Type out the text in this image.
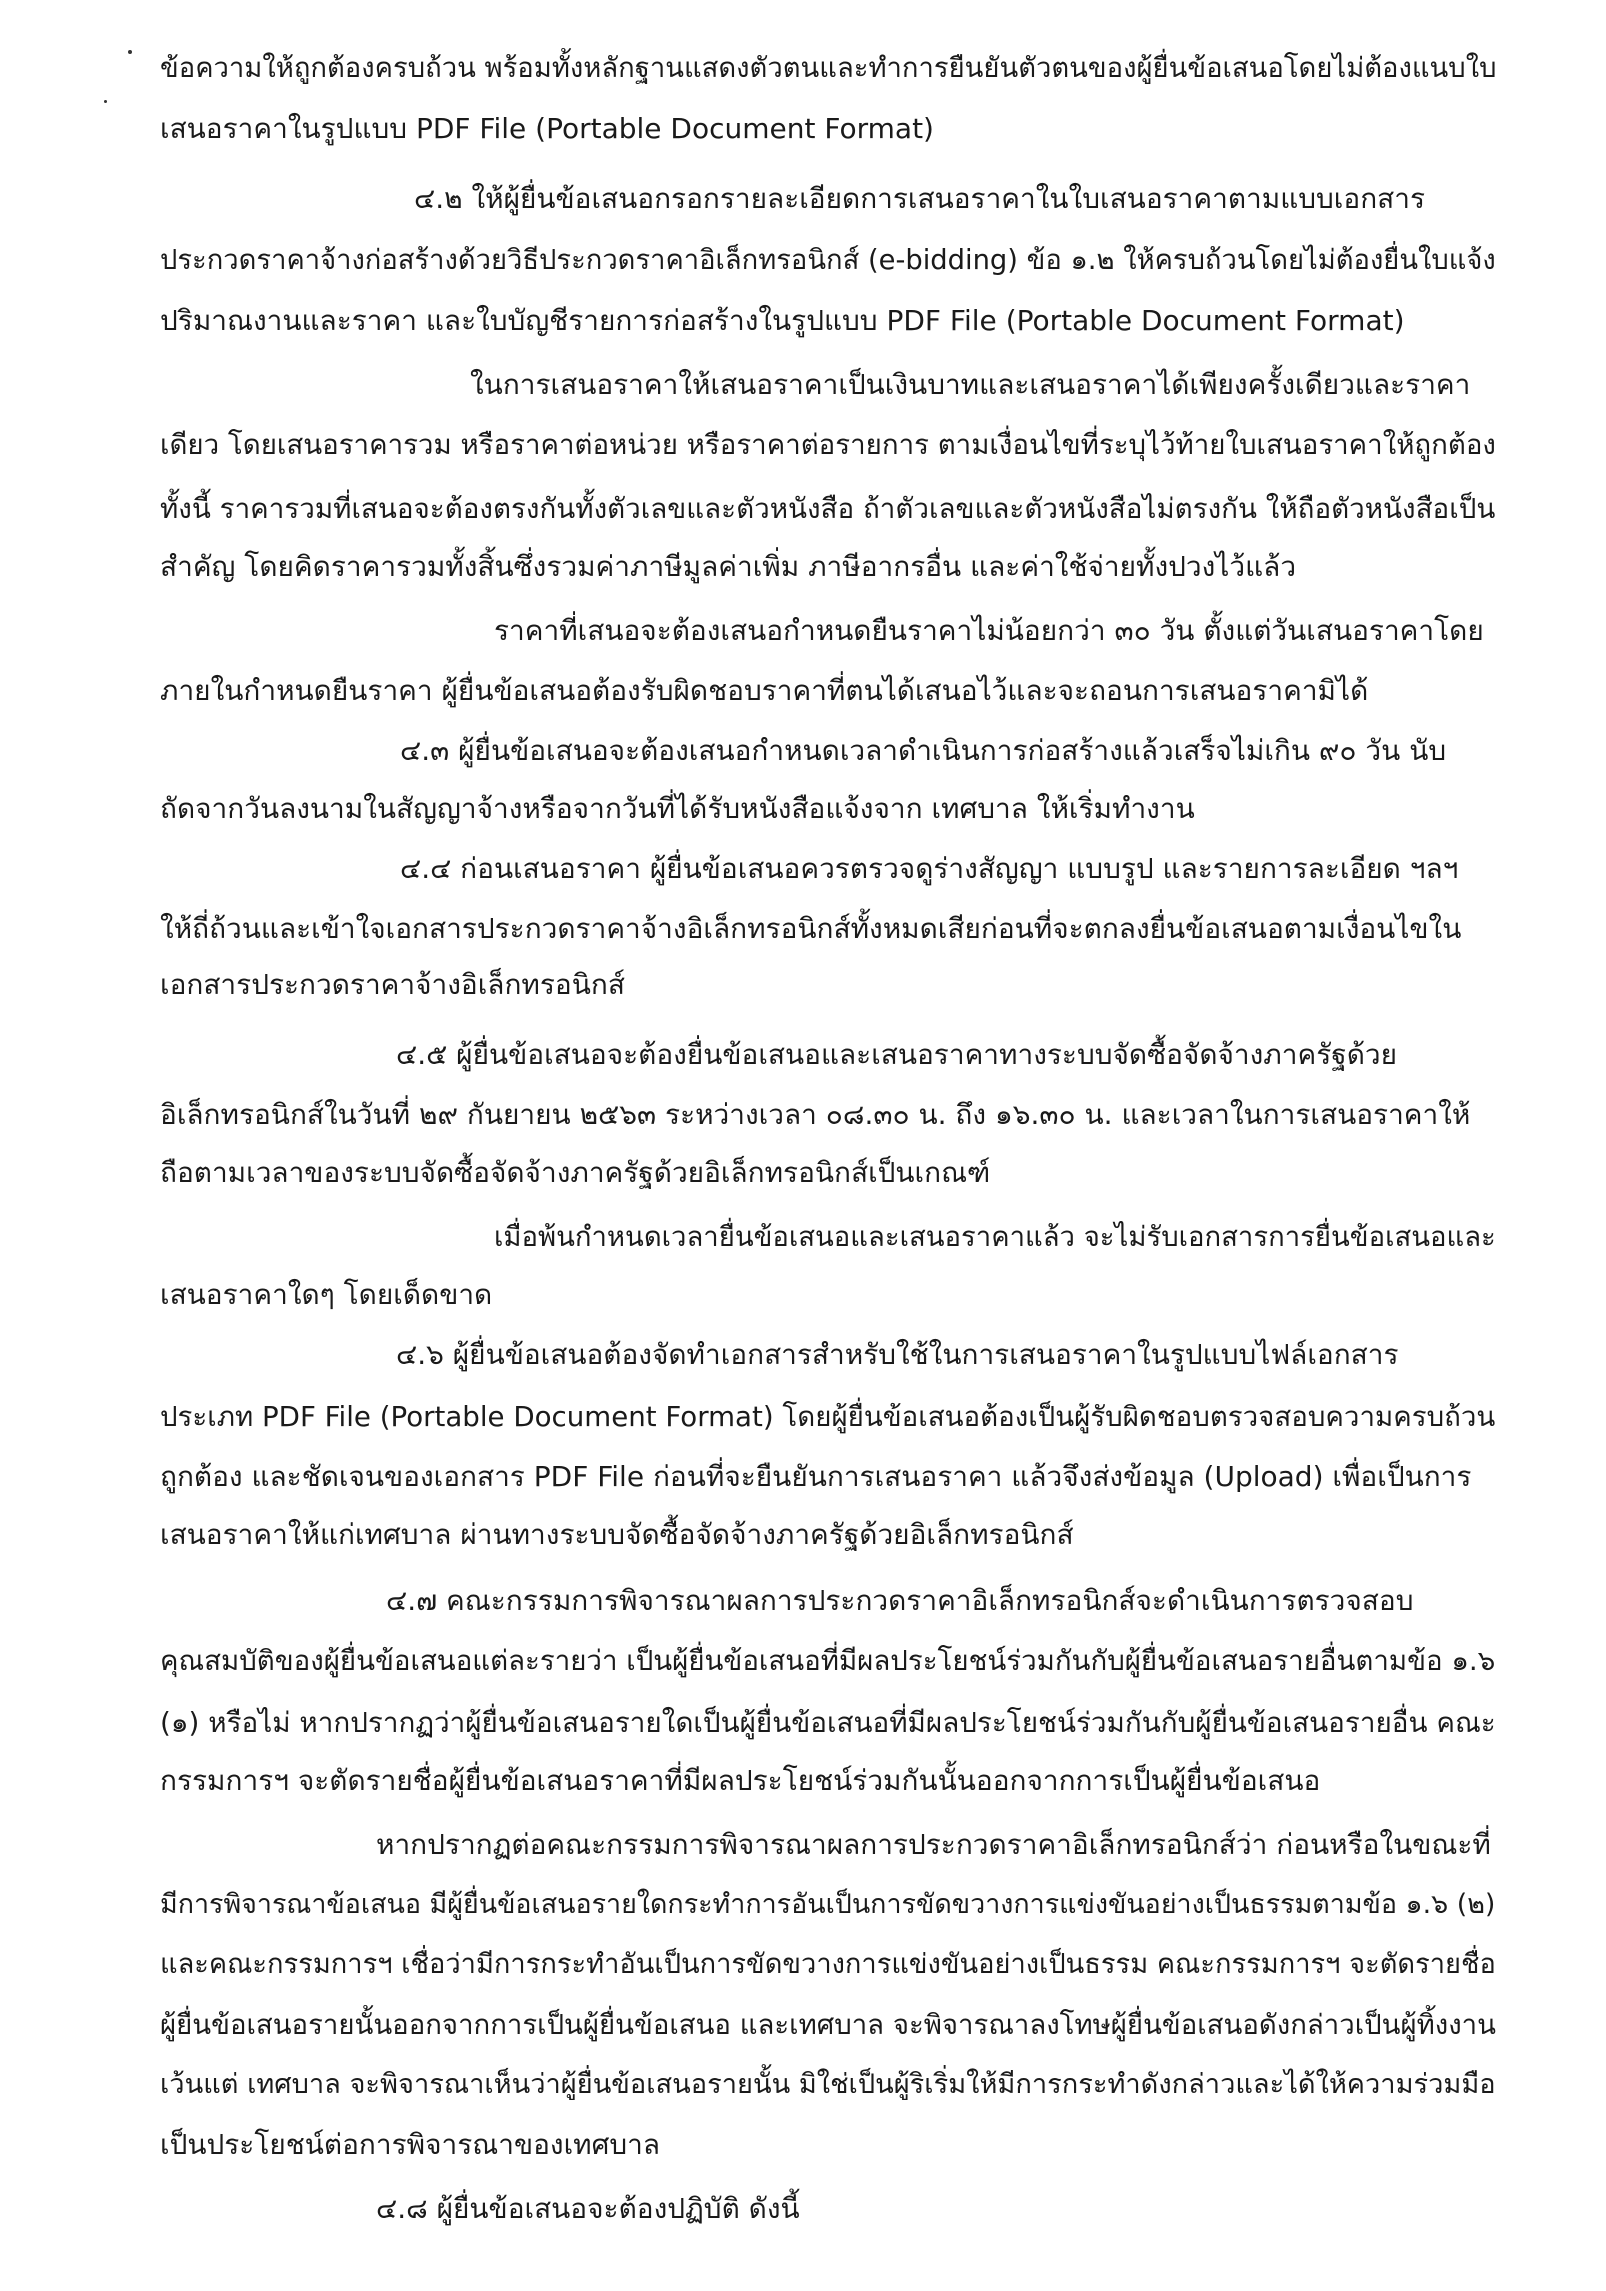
ข้อความให้ถูกต้องครบถ้วน พร้อมทั้งหลักฐานแสดงตัวตนและทำการยืนยันตัวตนของผู้ยื่นข้อเสนอโดยไม่ต้องแนบใบ
เสนอราคาในรูปแบบ PDF File (Portable Document Format)
๔.๒ ให้ผู้ยื่นข้อเสนอกรอกรายละเอียดการเสนอราคาในใบเสนอราคาตามแบบเอกสาร
ประกวดราคาจ้างก่อสร้างด้วยวิธีประกวดราคาอิเล็กทรอนิกส์ (e-bidding) ข้อ ๑.๒ ให้ครบถ้วนโดยไม่ต้องยื่นใบแจ้ง
ปริมาณงานและราคา และใบบัญชีรายการก่อสร้างในรูปแบบ PDF File (Portable Document Format)
ในการเสนอราคาให้เสนอราคาเป็นเงินบาทและเสนอราคาได้เพียงครั้งเดียวและราคา
เดียว โดยเสนอราคารวม หรือราคาต่อหน่วย หรือราคาต่อรายการ ตามเงื่อนไขที่ระบุไว้ท้ายใบเสนอราคาให้ถูกต้อง
ทั้งนี้ ราคารวมที่เสนอจะต้องตรงกันทั้งตัวเลขและตัวหนังสือ ถ้าตัวเลขและตัวหนังสือไม่ตรงกัน ให้ถือตัวหนังสือเป็น
สำคัญ โดยคิดราคารวมทั้งสิ้นซึ่งรวมค่าภาษีมูลค่าเพิ่ม ภาษีอากรอื่น และค่าใช้จ่ายทั้งปวงไว้แล้ว
ราคาที่เสนอจะต้องเสนอกำหนดยืนราคาไม่น้อยกว่า ๓๐ วัน ตั้งแต่วันเสนอราคาโดย
ภายในกำหนดยืนราคา ผู้ยื่นข้อเสนอต้องรับผิดชอบราคาที่ตนได้เสนอไว้และจะถอนการเสนอราคามิได้
๔.๓ ผู้ยื่นข้อเสนอจะต้องเสนอกำหนดเวลาดำเนินการก่อสร้างแล้วเสร็จไม่เกิน ๙๐ วัน นับ
ถัดจากวันลงนามในสัญญาจ้างหรือจากวันที่ได้รับหนังสือแจ้งจาก เทศบาล ให้เริ่มทำงาน
๔.๔ ก่อนเสนอราคา ผู้ยื่นข้อเสนอควรตรวจดูร่างสัญญา แบบรูป และรายการละเอียด ฯลฯ
ให้ถี่ถ้วนและเข้าใจเอกสารประกวดราคาจ้างอิเล็กทรอนิกส์ทั้งหมดเสียก่อนที่จะตกลงยื่นข้อเสนอตามเงื่อนไขใน
เอกสารประกวดราคาจ้างอิเล็กทรอนิกส์
๔.๕ ผู้ยื่นข้อเสนอจะต้องยื่นข้อเสนอและเสนอราคาทางระบบจัดซื้อจัดจ้างภาครัฐด้วย
อิเล็กทรอนิกส์ในวันที่ ๒๙ กันยายน ๒๕๖๓ ระหว่างเวลา ๐๘.๓๐ น. ถึง ๑๖.๓๐ น. และเวลาในการเสนอราคาให้
ถือตามเวลาของระบบจัดซื้อจัดจ้างภาครัฐด้วยอิเล็กทรอนิกส์เป็นเกณฑ์
เมื่อพ้นกำหนดเวลายื่นข้อเสนอและเสนอราคาแล้ว จะไม่รับเอกสารการยื่นข้อเสนอและ
เสนอราคาใดๆ โดยเด็ดขาด
๔.๖ ผู้ยื่นข้อเสนอต้องจัดทำเอกสารสำหรับใช้ในการเสนอราคาในรูปแบบไฟล์เอกสาร
ประเภท PDF File (Portable Document Format) โดยผู้ยื่นข้อเสนอต้องเป็นผู้รับผิดชอบตรวจสอบความครบถ้วน
ถูกต้อง และชัดเจนของเอกสาร PDF File ก่อนที่จะยืนยันการเสนอราคา แล้วจึงส่งข้อมูล (Upload) เพื่อเป็นการ
เสนอราคาให้แก่เทศบาล ผ่านทางระบบจัดซื้อจัดจ้างภาครัฐด้วยอิเล็กทรอนิกส์
๔.๗ คณะกรรมการพิจารณาผลการประกวดราคาอิเล็กทรอนิกส์จะดำเนินการตรวจสอบ
คุณสมบัติของผู้ยื่นข้อเสนอแต่ละรายว่า เป็นผู้ยื่นข้อเสนอที่มีผลประโยชน์ร่วมกันกับผู้ยื่นข้อเสนอรายอื่นตามข้อ ๑.๖
(๑) หรือไม่ หากปรากฏว่าผู้ยื่นข้อเสนอรายใดเป็นผู้ยื่นข้อเสนอที่มีผลประโยชน์ร่วมกันกับผู้ยื่นข้อเสนอรายอื่น คณะ
กรรมการฯ จะตัดรายชื่อผู้ยื่นข้อเสนอราคาที่มีผลประโยชน์ร่วมกันนั้นออกจากการเป็นผู้ยื่นข้อเสนอ
หากปรากฏต่อคณะกรรมการพิจารณาผลการประกวดราคาอิเล็กทรอนิกส์ว่า ก่อนหรือในขณะที่
มีการพิจารณาข้อเสนอ มีผู้ยื่นข้อเสนอรายใดกระทำการอันเป็นการขัดขวางการแข่งขันอย่างเป็นธรรมตามข้อ ๑.๖ (๒)
และคณะกรรมการฯ เชื่อว่ามีการกระทำอันเป็นการขัดขวางการแข่งขันอย่างเป็นธรรม คณะกรรมการฯ จะตัดรายชื่อ
ผู้ยื่นข้อเสนอรายนั้นออกจากการเป็นผู้ยื่นข้อเสนอ และเทศบาล จะพิจารณาลงโทษผู้ยื่นข้อเสนอดังกล่าวเป็นผู้ทิ้งงาน
เว้นแต่ เทศบาล จะพิจารณาเห็นว่าผู้ยื่นข้อเสนอรายนั้น มิใช่เป็นผู้ริเริ่มให้มีการกระทำดังกล่าวและได้ให้ความร่วมมือ
เป็นประโยชน์ต่อการพิจารณาของเทศบาล
๔.๘ ผู้ยื่นข้อเสนอจะต้องปฏิบัติ ดังนี้
